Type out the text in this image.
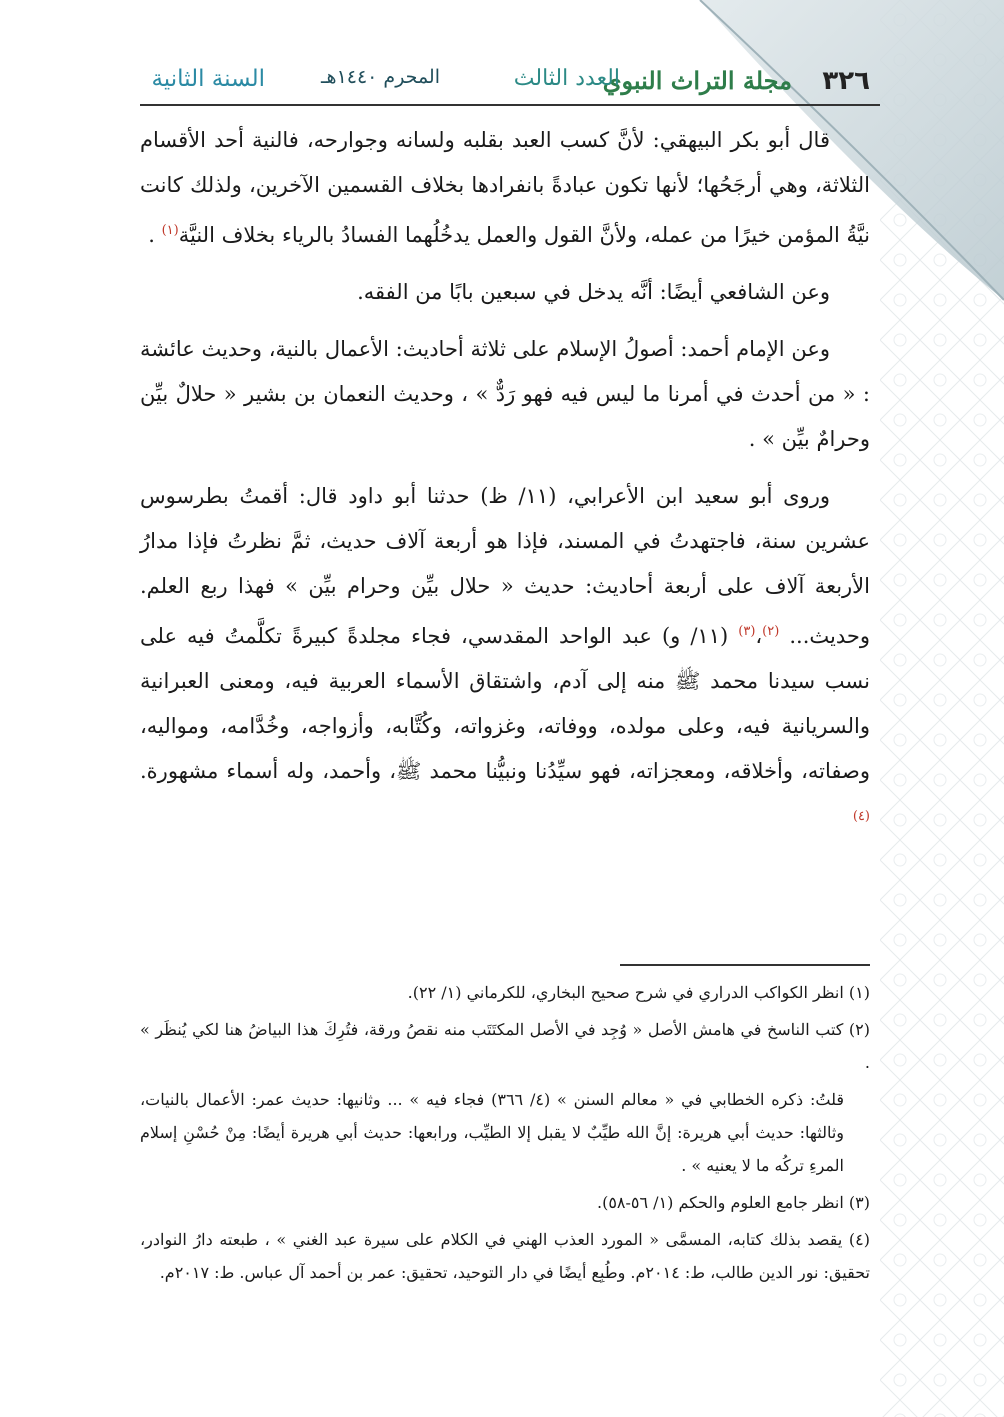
٣٢٦
مجلة التراث النبوي
العدد الثالث
المحرم ١٤٤٠هـ
السنة الثانية

قال أبو بكر البيهقي: لأنَّ كسب العبد بقلبه ولسانه وجوارحه، فالنية أحد الأقسام الثلاثة، وهي أرجَحُها؛ لأنها تكون عبادةً بانفرادها بخلاف القسمين الآخرين، ولذلك كانت نيَّةُ المؤمن خيرًا من عمله، ولأنَّ القول والعمل يدخُلُهما الفسادُ بالرياء بخلاف النيَّة$^{(١)}$ .

وعن الشافعي أيضًا: أنَّه يدخل في سبعين بابًا من الفقه.

وعن الإمام أحمد: أصولُ الإسلام على ثلاثة أحاديث: الأعمال بالنية، وحديث عائشة : « من أحدث في أمرنا ما ليس فيه فهو رَدٌّ » ، وحديث النعمان بن بشير « حلالٌ بيِّن وحرامٌ بيِّن » .

وروى أبو سعيد ابن الأعرابي، (١١/ ظ) حدثنا أبو داود قال: أقمتُ بطرسوس عشرين سنة، فاجتهدتُ في المسند، فإذا هو أربعة آلاف حديث، ثمَّ نظرتُ فإذا مدارُ الأربعة آلاف على أربعة أحاديث: حديث « حلال بيِّن وحرام بيِّن » فهذا ربع العلم. وحديث... $^{(٢)}$،$^{(٣)}$ (١١/ و) عبد الواحد المقدسي، فجاء مجلدةً كبيرةً تكلَّمتُ فيه على نسب سيدنا محمد ﷺ منه إلى آدم، واشتقاق الأسماء العربية فيه، ومعنى العبرانية والسريانية فيه، وعلى مولده، ووفاته، وغزواته، وكُتَّابه، وأزواجه، وخُدَّامه، ومواليه، وصفاته، وأخلاقه، ومعجزاته، فهو سيِّدُنا ونبيُّنا محمد ﷺ، وأحمد، وله أسماء مشهورة.$^{(٤)}$

(١) انظر الكواكب الدراري في شرح صحيح البخاري، للكرماني (١/ ٢٢).

(٢) كتب الناسخ في هامش الأصل « وُجِد في الأصل المكتَتَب منه نقصُ ورقة، فتُرِكَ هذا البياضُ هنا لكي يُنظَر » .

قلتُ: ذكره الخطابي في « معالم السنن » (٤/ ٣٦٦) فجاء فيه » ... وثانيها: حديث عمر: الأعمال بالنيات، وثالثها: حديث أبي هريرة: إنَّ الله طيِّبٌ لا يقبل إلا الطيِّب، ورابعها: حديث أبي هريرة أيضًا: مِنْ حُسْنِ إسلام المرءِ تركُه ما لا يعنيه » .

(٣) انظر جامع العلوم والحكم (١/ ٥٦-٥٨).

(٤) يقصد بذلك كتابه، المسمَّى « المورد العذب الهني في الكلام على سيرة عبد الغني » ، طبعته دارُ النوادر، تحقيق: نور الدين طالب، ط: ٢٠١٤م. وطُبِع أيضًا في دار التوحيد، تحقيق: عمر بن أحمد آل عباس. ط: ٢٠١٧م.
